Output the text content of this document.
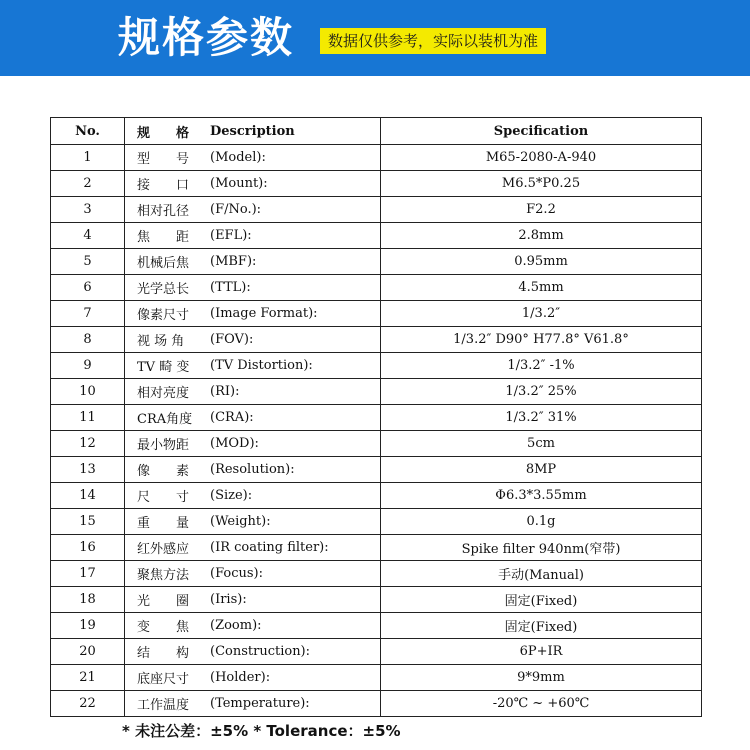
规格参数	数据仅供参考，实际以装机为准
No.	规　　格	Description	Specification
1	型　　号	(Model):	M65-2080-A-940
2	接　　口	(Mount):	M6.5*P0.25
3	相对孔径	(F/No.):	F2.2
4	焦　　距	(EFL):	2.8mm
5	机械后焦	(MBF):	0.95mm
6	光学总长	(TTL):	4.5mm
7	像素尺寸	(Image Format):	1/3.2″
8	视 场 角	(FOV):	1/3.2″ D90° H77.8° V61.8°
9	TV 畸 变	(TV Distortion):	1/3.2″ -1%
10	相对亮度	(RI):	1/3.2″ 25%
11	CRA角度	(CRA):	1/3.2″ 31%
12	最小物距	(MOD):	5cm
13	像　　素	(Resolution):	8MP
14	尺　　寸	(Size):	Φ6.3*3.55mm
15	重　　量	(Weight):	0.1g
16	红外感应	(IR coating filter):	Spike filter 940nm(窄带)
17	聚焦方法	(Focus):	手动(Manual)
18	光　　圈	(Iris):	固定(Fixed)
19	变　　焦	(Zoom):	固定(Fixed)
20	结　　构	(Construction):	6P+IR
21	底座尺寸	(Holder):	9*9mm
22	工作温度	(Temperature):	-20℃ ~ +60℃
* 未注公差：±5% * Tolerance：±5%
